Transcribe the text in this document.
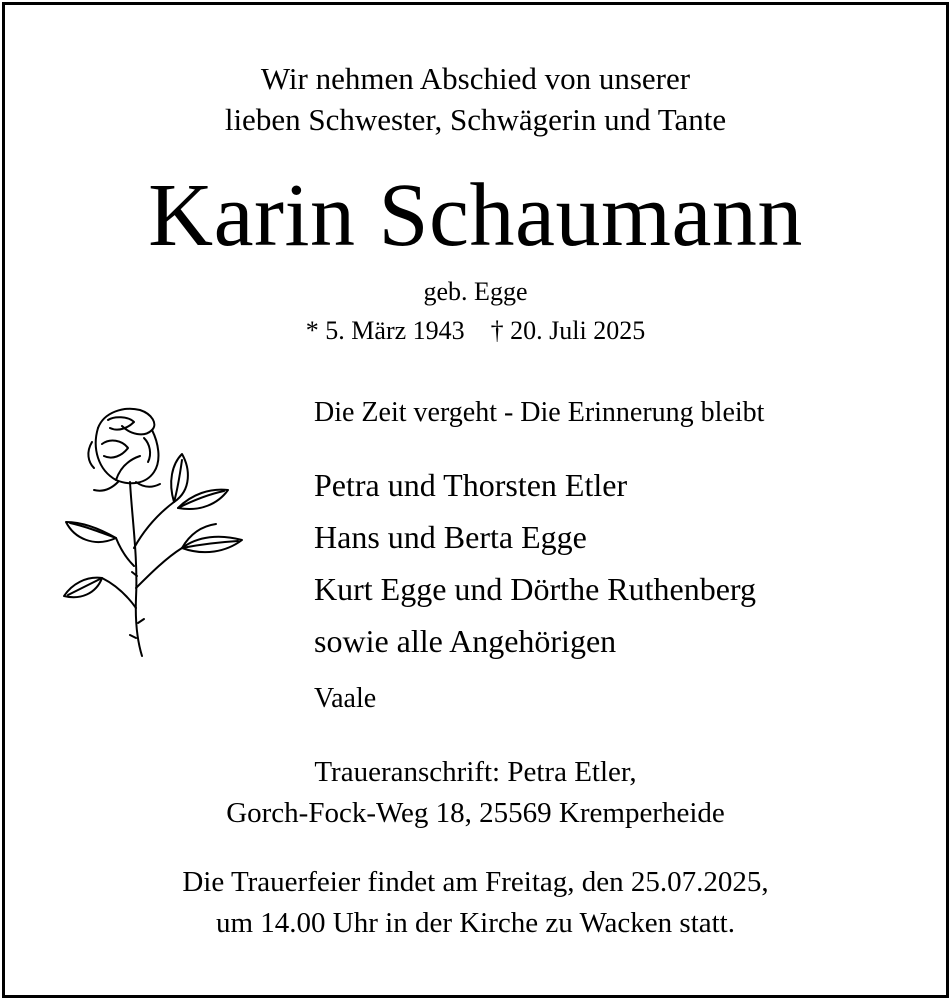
Wir nehmen Abschied von unserer
lieben Schwester, Schwägerin und Tante
Karin Schaumann
geb. Egge
* 5. März 1943 † 20. Juli 2025
Die Zeit vergeht - Die Erinnerung bleibt
Petra und Thorsten Etler
Hans und Berta Egge
Kurt Egge und Dörthe Ruthenberg
sowie alle Angehörigen
Vaale
Traueranschrift: Petra Etler,
Gorch-Fock-Weg 18, 25569 Kremperheide
Die Trauerfeier findet am Freitag, den 25.07.2025,
um 14.00 Uhr in der Kirche zu Wacken statt.
